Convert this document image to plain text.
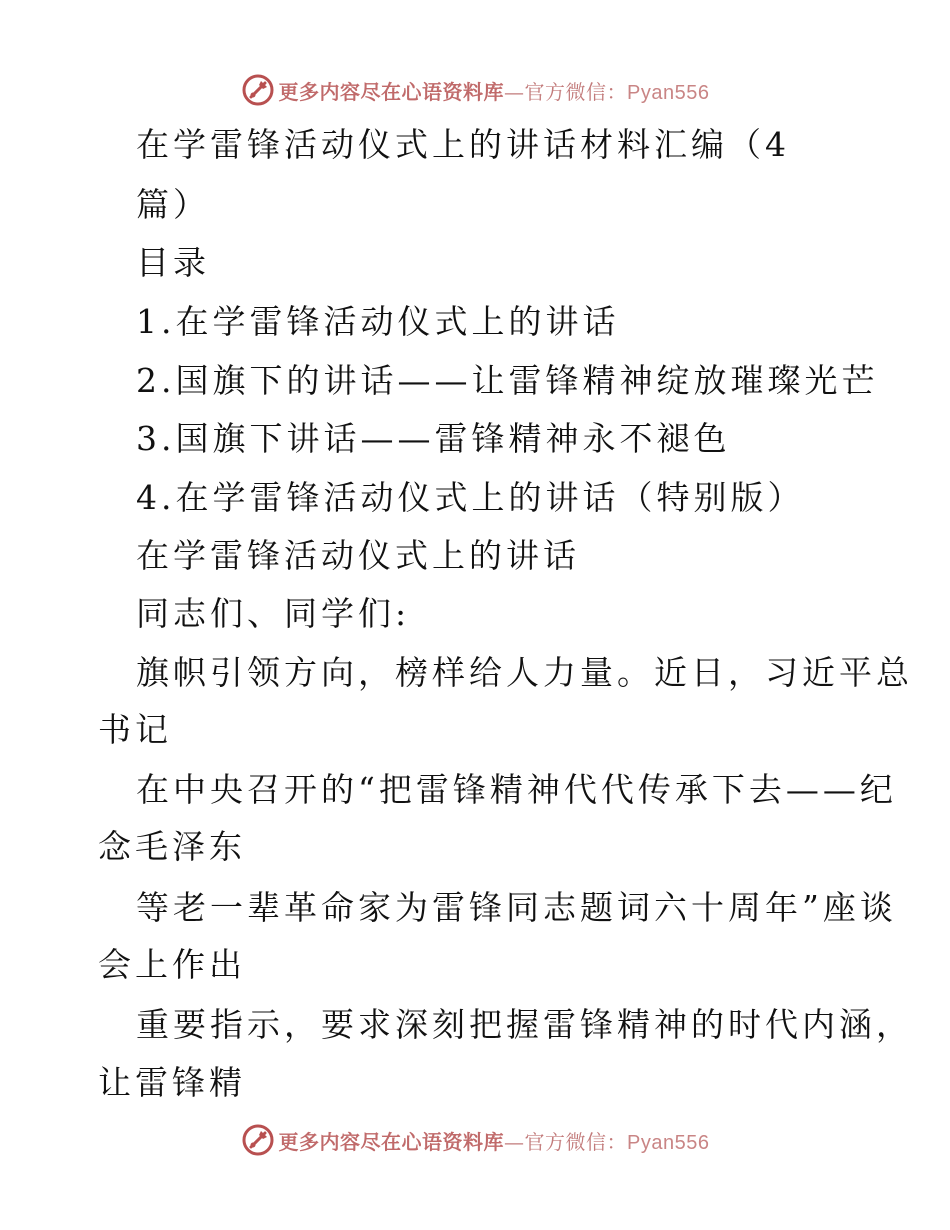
更多内容尽在心语资料库—官方微信：Pyan556
在学雷锋活动仪式上的讲话材料汇编（4
篇）
目录
1.在学雷锋活动仪式上的讲话
2.国旗下的讲话——让雷锋精神绽放璀璨光芒
3.国旗下讲话——雷锋精神永不褪色
4.在学雷锋活动仪式上的讲话（特别版）
在学雷锋活动仪式上的讲话
同志们、同学们:
旗帜引领方向，榜样给人力量。近日，习近平总
书记
在中央召开的“把雷锋精神代代传承下去——纪
念毛泽东
等老一辈革命家为雷锋同志题词六十周年”座谈
会上作出
重要指示，要求深刻把握雷锋精神的时代内涵，
让雷锋精
更多内容尽在心语资料库—官方微信：Pyan556
